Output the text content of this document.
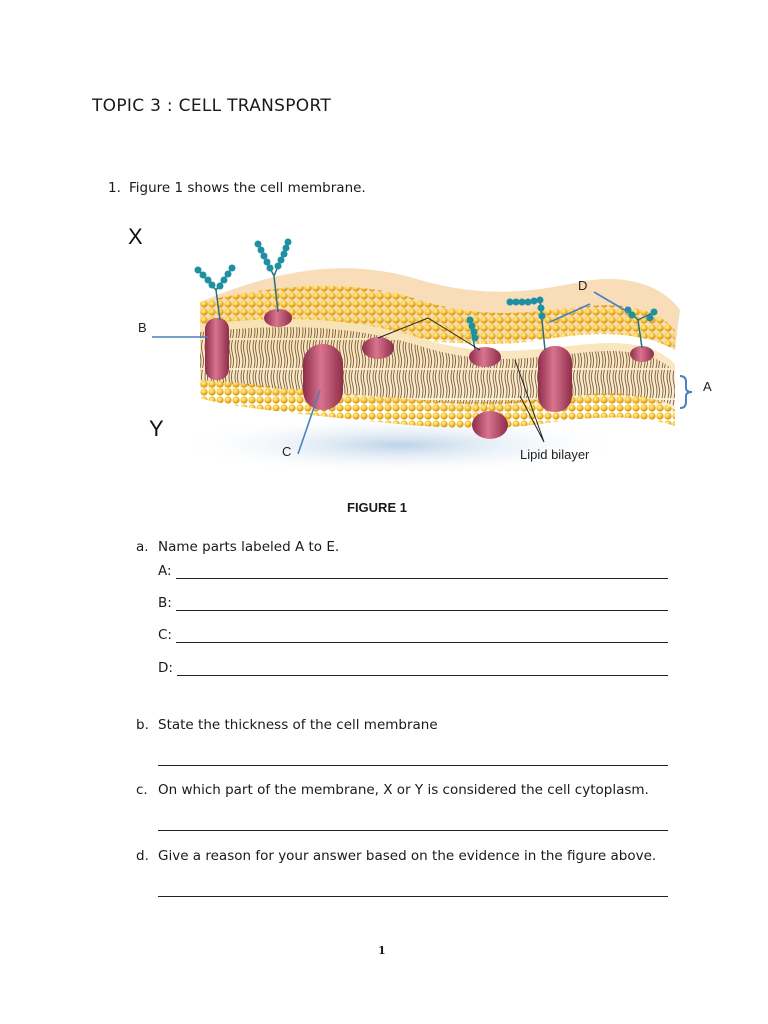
TOPIC 3 : CELL TRANSPORT
1. Figure 1 shows the cell membrane.
X
Y
A
B
C
D
Lipid bilayer
FIGURE 1
a. Name parts labeled A to E.
A:
B:
C:
D:
b. State the thickness of the cell membrane
c. On which part of the membrane, X or Y is considered the cell cytoplasm.
d. Give a reason for your answer based on the evidence in the figure above.
1
